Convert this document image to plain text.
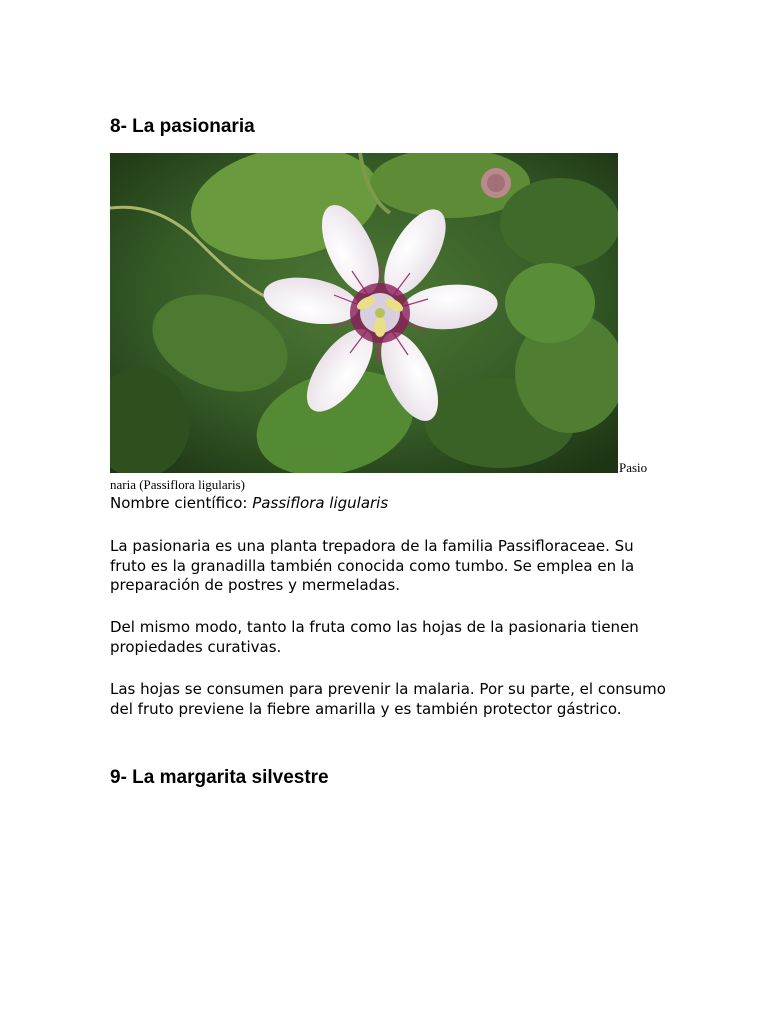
8- La pasionaria
Pasio
naria (Passiflora ligularis)

Nombre científico: Passiflora ligularis

La pasionaria es una planta trepadora de la familia Passifloraceae. Su fruto es la granadilla también conocida como tumbo. Se emplea en la preparación de postres y mermeladas.

Del mismo modo, tanto la fruta como las hojas de la pasionaria tienen propiedades curativas.

Las hojas se consumen para prevenir la malaria. Por su parte, el consumo del fruto previene la fiebre amarilla y es también protector gástrico.

9- La margarita silvestre
